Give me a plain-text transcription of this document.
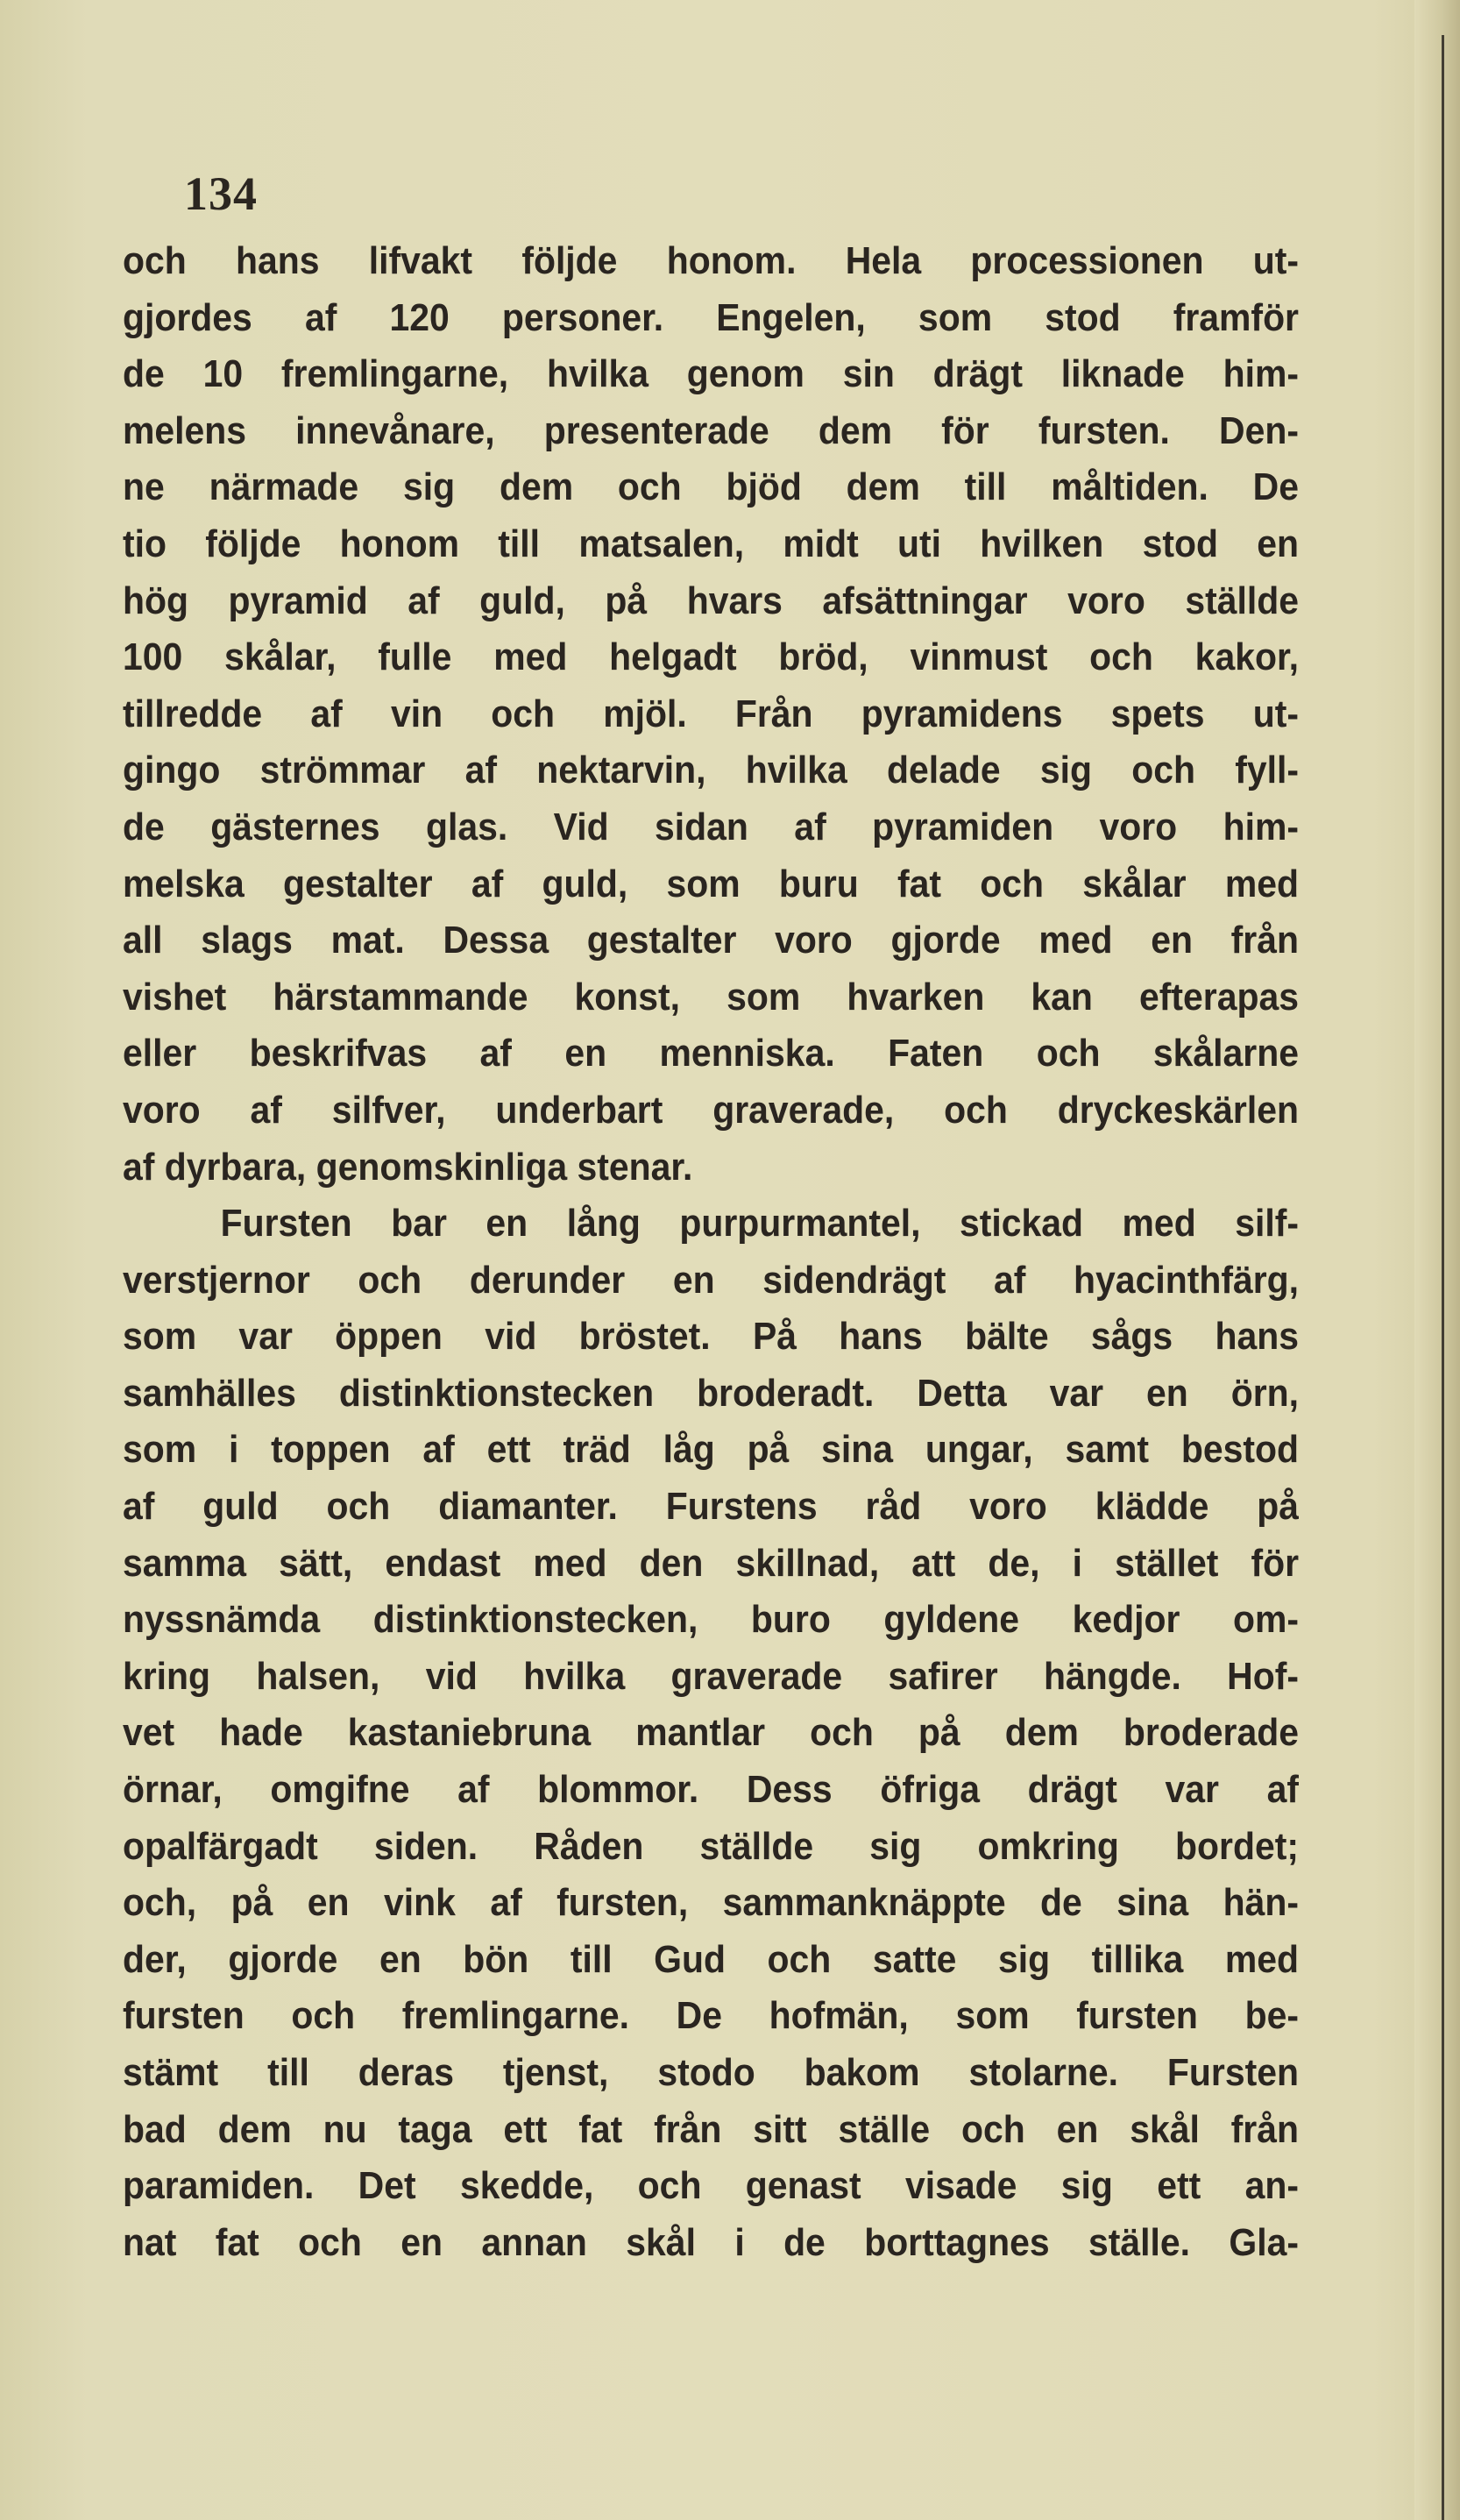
134
och hans lifvakt följde honom. Hela processionen ut-
gjordes af 120 personer. Engelen, som stod framför
de 10 fremlingarne, hvilka genom sin drägt liknade him-
melens innevånare, presenterade dem för fursten. Den-
ne närmade sig dem och bjöd dem till måltiden. De
tio följde honom till matsalen, midt uti hvilken stod en
hög pyramid af guld, på hvars afsättningar voro ställde
100 skålar, fulle med helgadt bröd, vinmust och kakor,
tillredde af vin och mjöl. Från pyramidens spets ut-
gingo strömmar af nektarvin, hvilka delade sig och fyll-
de gästernes glas. Vid sidan af pyramiden voro him-
melska gestalter af guld, som buru fat och skålar med
all slags mat. Dessa gestalter voro gjorde med en från
vishet härstammande konst, som hvarken kan efterapas
eller beskrifvas af en menniska. Faten och skålarne
voro af silfver, underbart graverade, och dryckeskärlen
af dyrbara, genomskinliga stenar.
Fursten bar en lång purpurmantel, stickad med silf-
verstjernor och derunder en sidendrägt af hyacinthfärg,
som var öppen vid bröstet. På hans bälte sågs hans
samhälles distinktionstecken broderadt. Detta var en örn,
som i toppen af ett träd låg på sina ungar, samt bestod
af guld och diamanter. Furstens råd voro klädde på
samma sätt, endast med den skillnad, att de, i stället för
nyssnämda distinktionstecken, buro gyldene kedjor om-
kring halsen, vid hvilka graverade safirer hängde. Hof-
vet hade kastaniebruna mantlar och på dem broderade
örnar, omgifne af blommor. Dess öfriga drägt var af
opalfärgadt siden. Råden ställde sig omkring bordet;
och, på en vink af fursten, sammanknäppte de sina hän-
der, gjorde en bön till Gud och satte sig tillika med
fursten och fremlingarne. De hofmän, som fursten be-
stämt till deras tjenst, stodo bakom stolarne. Fursten
bad dem nu taga ett fat från sitt ställe och en skål från
paramiden. Det skedde, och genast visade sig ett an-
nat fat och en annan skål i de borttagnes ställe. Gla-
